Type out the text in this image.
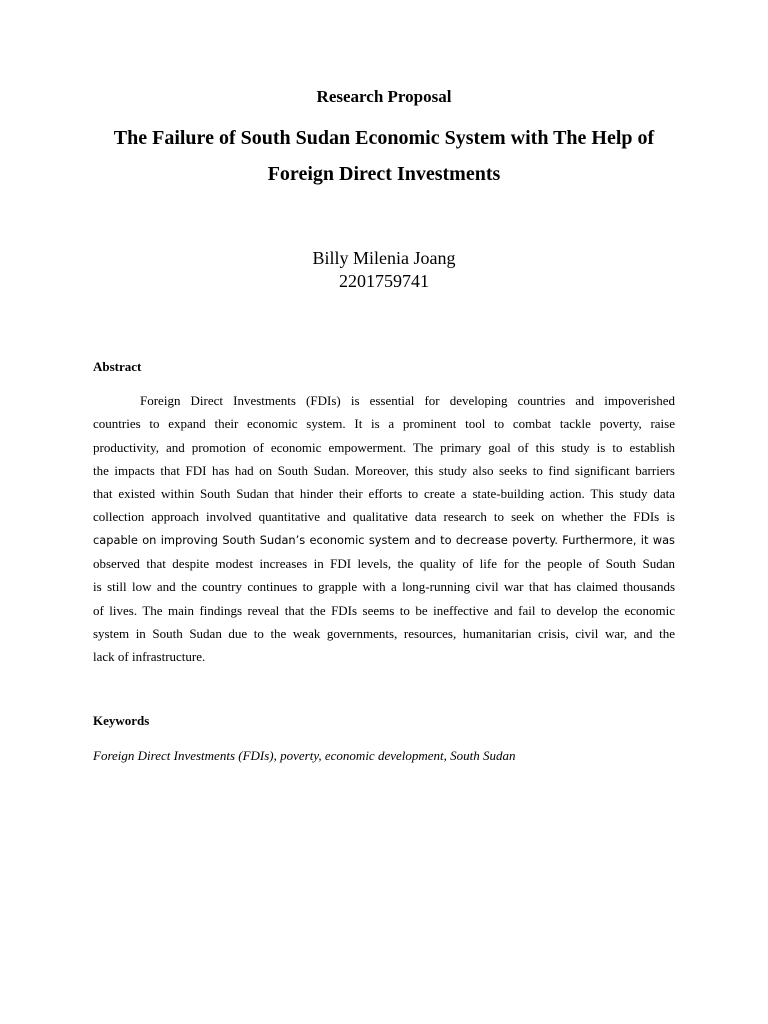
Research Proposal
The Failure of South Sudan Economic System with The Help of Foreign Direct Investments
Billy Milenia Joang
2201759741
Abstract
Foreign Direct Investments (FDIs) is essential for developing countries and impoverished
countries to expand their economic system. It is a prominent tool to combat tackle poverty, raise
productivity, and promotion of economic empowerment. The primary goal of this study is to establish
the impacts that FDI has had on South Sudan. Moreover, this study also seeks to find significant barriers
that existed within South Sudan that hinder their efforts to create a state-building action. This study data
collection approach involved quantitative and qualitative data research to seek on whether the FDIs is
capable on improving South Sudan’s economic system and to decrease poverty. Furthermore, it was
observed that despite modest increases in FDI levels, the quality of life for the people of South Sudan
is still low and the country continues to grapple with a long-running civil war that has claimed thousands
of lives. The main findings reveal that the FDIs seems to be ineffective and fail to develop the economic
system in South Sudan due to the weak governments, resources, humanitarian crisis, civil war, and the
lack of infrastructure.
Keywords
Foreign Direct Investments (FDIs), poverty, economic development, South Sudan
